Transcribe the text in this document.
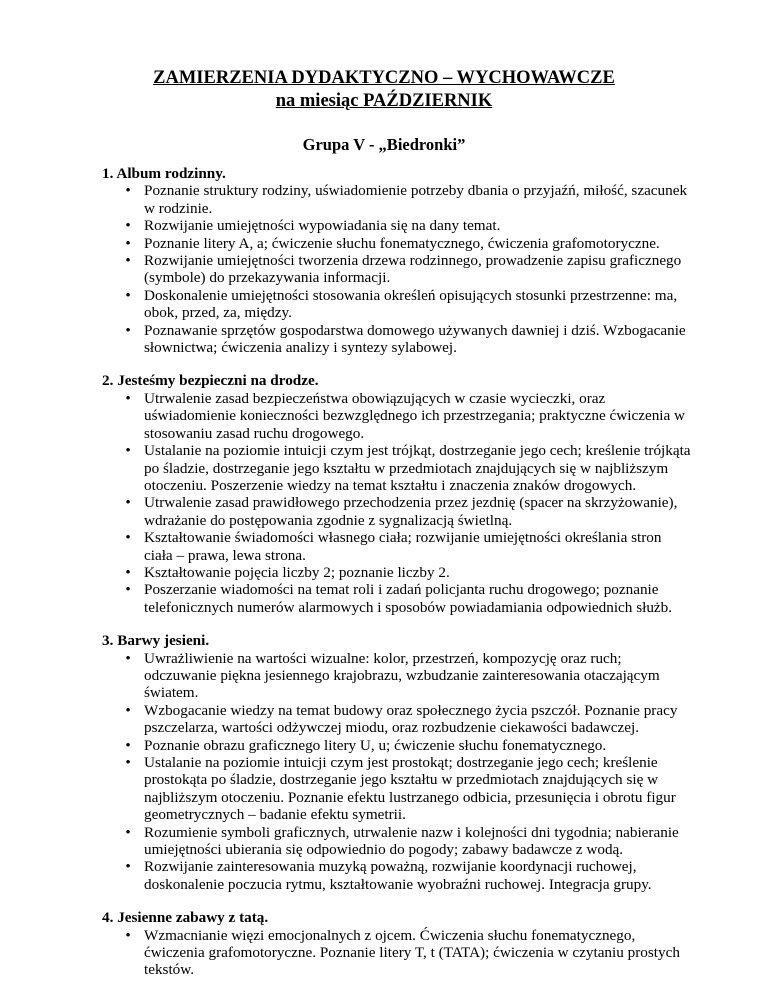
ZAMIERZENIA DYDAKTYCZNO – WYCHOWAWCZE
na miesiąc PAŹDZIERNIK
Grupa V - „Biedronki”
1. Album rodzinny.
• Poznanie struktury rodziny, uświadomienie potrzeby dbania o przyjaźń, miłość, szacunek w rodzinie.
• Rozwijanie umiejętności wypowiadania się na dany temat.
• Poznanie litery A, a; ćwiczenie słuchu fonematycznego, ćwiczenia grafomotoryczne.
• Rozwijanie umiejętności tworzenia drzewa rodzinnego, prowadzenie zapisu graficznego (symbole) do przekazywania informacji.
• Doskonalenie umiejętności stosowania określeń opisujących stosunki przestrzenne: ma, obok, przed, za, między.
• Poznawanie sprzętów gospodarstwa domowego używanych dawniej i dziś. Wzbogacanie słownictwa; ćwiczenia analizy i syntezy sylabowej.
2. Jesteśmy bezpieczni na drodze.
• Utrwalenie zasad bezpieczeństwa obowiązujących w czasie wycieczki, oraz uświadomienie konieczności bezwzględnego ich przestrzegania; praktyczne ćwiczenia w stosowaniu zasad ruchu drogowego.
• Ustalanie na poziomie intuicji czym jest trójkąt, dostrzeganie jego cech; kreślenie trójkąta po śladzie, dostrzeganie jego kształtu w przedmiotach znajdujących się w najbliższym otoczeniu. Poszerzenie wiedzy na temat kształtu i znaczenia znaków drogowych.
• Utrwalenie zasad prawidłowego przechodzenia przez jezdnię (spacer na skrzyżowanie), wdrażanie do postępowania zgodnie z sygnalizacją świetlną.
• Kształtowanie świadomości własnego ciała; rozwijanie umiejętności określania stron ciała – prawa, lewa strona.
• Kształtowanie pojęcia liczby 2; poznanie liczby 2.
• Poszerzanie wiadomości na temat roli i zadań policjanta ruchu drogowego; poznanie telefonicznych numerów alarmowych i sposobów powiadamiania odpowiednich służb.
3. Barwy jesieni.
• Uwrażliwienie na wartości wizualne: kolor, przestrzeń, kompozycję oraz ruch; odczuwanie piękna jesiennego krajobrazu, wzbudzanie zainteresowania otaczającym światem.
• Wzbogacanie wiedzy na temat budowy oraz społecznego życia pszczół. Poznanie pracy pszczelarza, wartości odżywczej miodu, oraz rozbudzenie ciekawości badawczej.
• Poznanie obrazu graficznego litery U, u; ćwiczenie słuchu fonematycznego.
• Ustalanie na poziomie intuicji czym jest prostokąt; dostrzeganie jego cech; kreślenie prostokąta po śladzie, dostrzeganie jego kształtu w przedmiotach znajdujących się w najbliższym otoczeniu. Poznanie efektu lustrzanego odbicia, przesunięcia i obrotu figur geometrycznych – badanie efektu symetrii.
• Rozumienie symboli graficznych, utrwalenie nazw i kolejności dni tygodnia; nabieranie umiejętności ubierania się odpowiednio do pogody; zabawy badawcze z wodą.
• Rozwijanie zainteresowania muzyką poważną, rozwijanie koordynacji ruchowej, doskonalenie poczucia rytmu, kształtowanie wyobraźni ruchowej. Integracja grupy.
4. Jesienne zabawy z tatą.
• Wzmacnianie więzi emocjonalnych z ojcem. Ćwiczenia słuchu fonematycznego, ćwiczenia grafomotoryczne. Poznanie litery T, t (TATA); ćwiczenia w czytaniu prostych tekstów.
